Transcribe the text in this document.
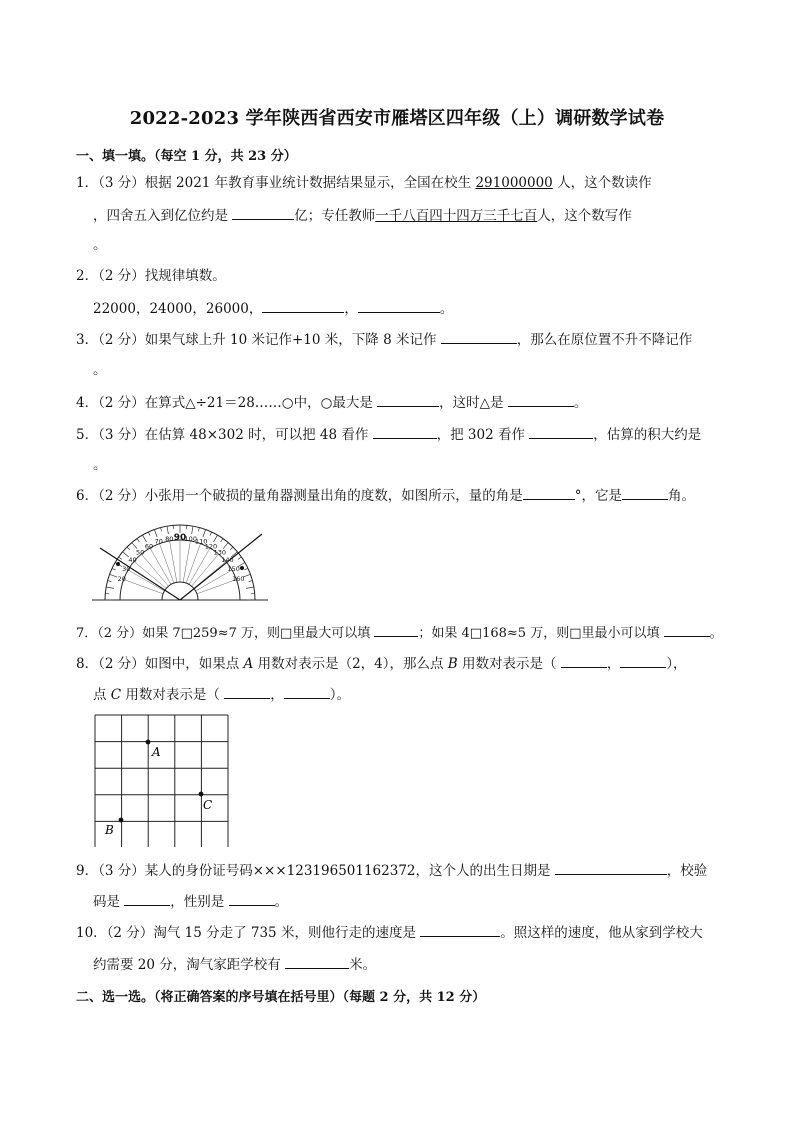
2022-2023 学年陕西省西安市雁塔区四年级（上）调研数学试卷
一、填一填。（每空 1 分，共 23 分）
1．（3 分）根据 2021 年教育事业统计数据结果显示，全国在校生 291000000 人，这个数读作
，四舍五入到亿位约是	亿；专任教师一千八百四十四万三千七百人，这个数写作
。
2．（2 分）找规律填数。
22000，24000，26000，	，	。
3．（2 分）如果气球上升 10 米记作+10 米，下降 8 米记作	，那么在原位置不升不降记作
。
4．（2 分）在算式△÷21＝28……○中，○最大是	，这时△是	。
5．（3 分）在估算 48×302 时，可以把 48 看作	，把 302 看作	，估算的积大约是
。
6．（2 分）小张用一个破损的量角器测量出角的度数，如图所示，量的角是	°，它是	角。
90
80 100
70	110
60	120
50	130
40	140
30	150
20	160
7．（2 分）如果 7□259≈7 万，则□里最大可以填	；如果 4□168≈5 万，则□里最小可以填	。
8．（2 分）如图中，如果点 A 用数对表示是（2，4），那么点 B 用数对表示是（	，	），
点 C 用数对表示是（	，	）。
A
B
C
9．（3 分）某人的身份证号码×××123196501162372，这个人的出生日期是	，校验
码是	，性别是	。
10．（2 分）淘气 15 分走了 735 米，则他行走的速度是	。照这样的速度，他从家到学校大
约需要 20 分，淘气家距学校有	米。
二、选一选。（将正确答案的序号填在括号里）（每题 2 分，共 12 分）
